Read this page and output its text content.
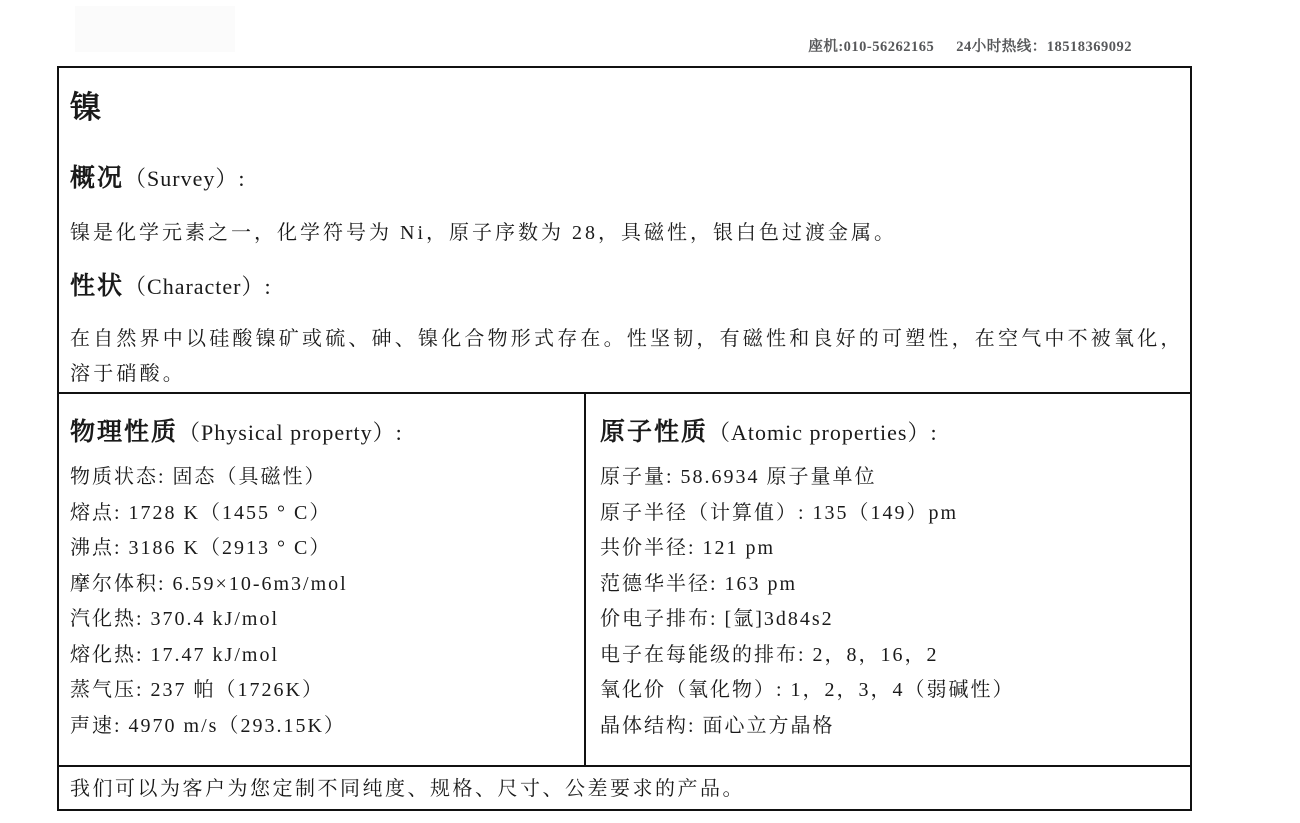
座机:010-56262165 24小时热线：18518369092
镍
概况（Survey）:
镍是化学元素之一，化学符号为 Ni，原子序数为 28，具磁性，银白色过渡金属。
性状（Character）:
在自然界中以硅酸镍矿或硫、砷、镍化合物形式存在。性坚韧，有磁性和良好的可塑性，在空气中不被氧化，溶于硝酸。
物理性质（Physical property）:
物质状态: 固态（具磁性）
熔点: 1728 K（1455 ° C）
沸点: 3186 K（2913 ° C）
摩尔体积: 6.59×10-6m3/mol
汽化热: 370.4 kJ/mol
熔化热: 17.47 kJ/mol
蒸气压: 237 帕（1726K）
声速: 4970 m/s（293.15K）
原子性质（Atomic properties）:
原子量: 58.6934 原子量单位
原子半径（计算值）: 135（149）pm
共价半径: 121 pm
范德华半径: 163 pm
价电子排布: [氩]3d84s2
电子在每能级的排布: 2，8，16，2
氧化价（氧化物）: 1，2，3，4（弱碱性）
晶体结构: 面心立方晶格
我们可以为客户为您定制不同纯度、规格、尺寸、公差要求的产品。
